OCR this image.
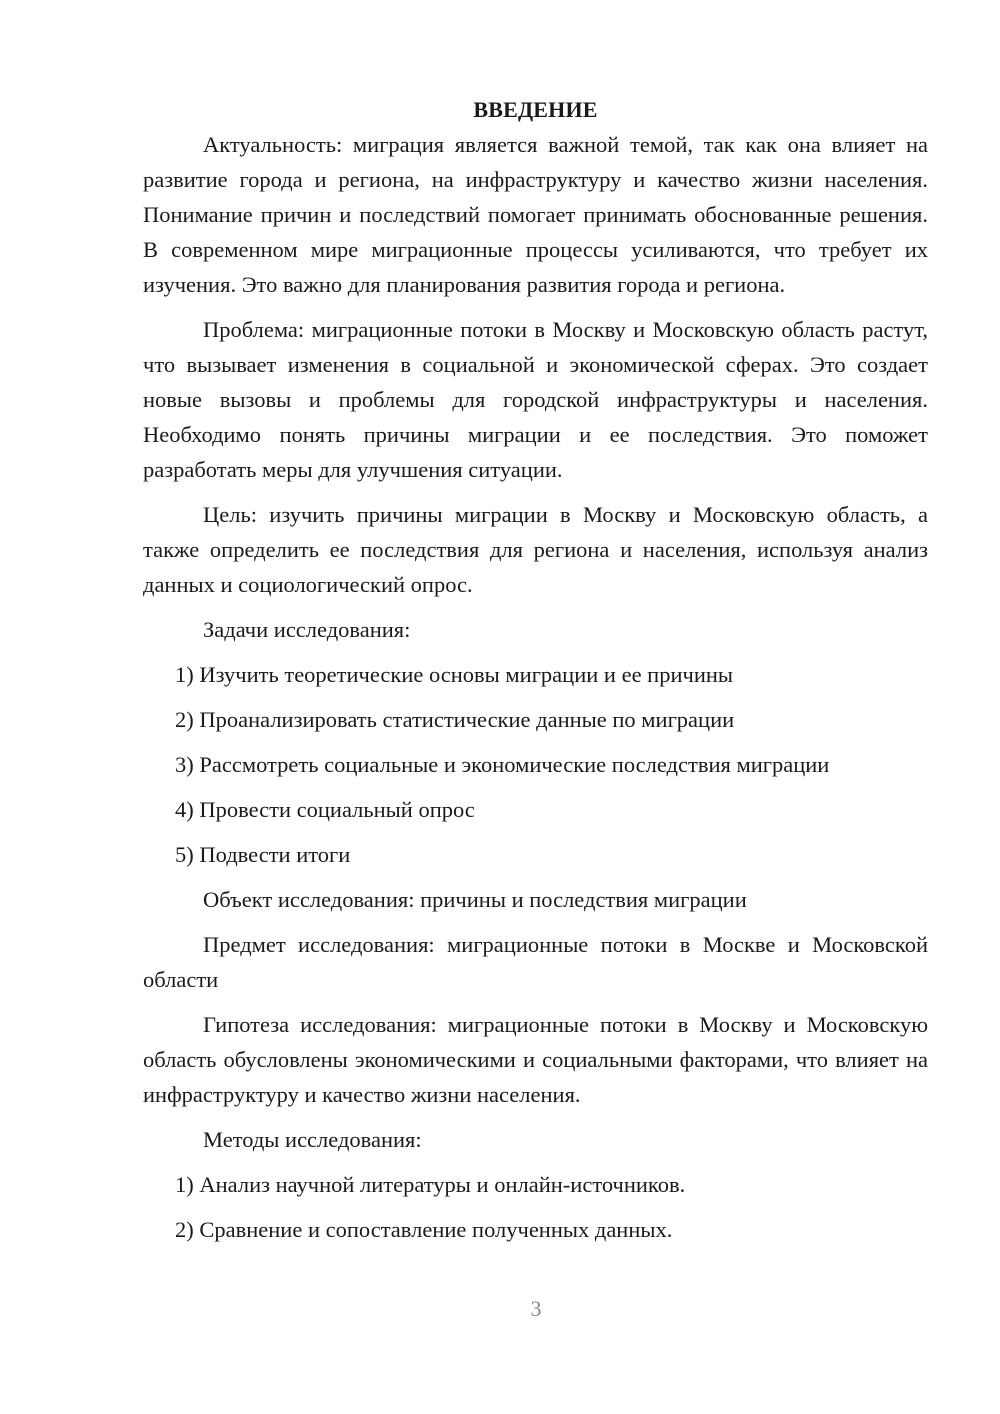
ВВЕДЕНИЕ

Актуальность: миграция является важной темой, так как она влияет на развитие города и региона, на инфраструктуру и качество жизни населения. Понимание причин и последствий помогает принимать обоснованные решения. В современном мире миграционные процессы усиливаются, что требует их изучения. Это важно для планирования развития города и региона.

Проблема: миграционные потоки в Москву и Московскую область растут, что вызывает изменения в социальной и экономической сферах. Это создает новые вызовы и проблемы для городской инфраструктуры и населения. Необходимо понять причины миграции и ее последствия. Это поможет разработать меры для улучшения ситуации.

Цель: изучить причины миграции в Москву и Московскую область, а также определить ее последствия для региона и населения, используя анализ данных и социологический опрос.

Задачи исследования:

1) Изучить теоретические основы миграции и ее причины

2) Проанализировать статистические данные по миграции

3) Рассмотреть социальные и экономические последствия миграции

4) Провести социальный опрос

5) Подвести итоги

Объект исследования: причины и последствия миграции

Предмет исследования: миграционные потоки в Москве и Московской области

Гипотеза исследования: миграционные потоки в Москву и Московскую область обусловлены экономическими и социальными факторами, что влияет на инфраструктуру и качество жизни населения.

Методы исследования:

1) Анализ научной литературы и онлайн-источников.

2) Сравнение и сопоставление полученных данных.

3
